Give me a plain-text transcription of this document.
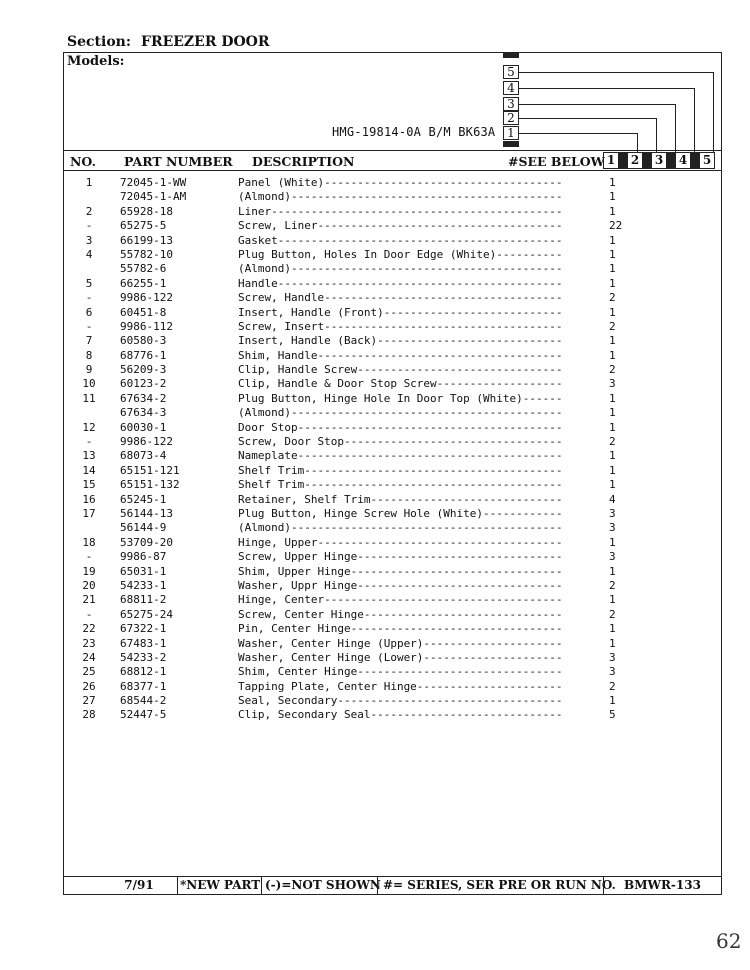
Section: FREEZER DOOR
Models:
HMG-19814-0A B/M BK63A
5
4
3
2
1
NO. PART NUMBER DESCRIPTION	#SEE BELOW 1	2	3	4	5
1	72045-1-WW	Panel (White)------------------------------------	1
72045-1-AM	(Almond)-----------------------------------------	1
2	65928-18	Liner--------------------------------------------	1
-	65275-5	Screw, Liner-------------------------------------	22
3	66199-13	Gasket-------------------------------------------	1
4	55782-10	Plug Button, Holes In Door Edge (White)----------	1
55782-6	(Almond)-----------------------------------------	1
5	66255-1	Handle-------------------------------------------	1
-	9986-122	Screw, Handle------------------------------------	2
6	60451-8	Insert, Handle (Front)---------------------------	1
-	9986-112	Screw, Insert------------------------------------	2
7	60580-3	Insert, Handle (Back)----------------------------	1
8	68776-1	Shim, Handle-------------------------------------	1
9	56209-3	Clip, Handle Screw-------------------------------	2
10	60123-2	Clip, Handle & Door Stop Screw-------------------	3
11	67634-2	Plug Button, Hinge Hole In Door Top (White)------	1
67634-3	(Almond)-----------------------------------------	1
12	60030-1	Door Stop----------------------------------------	1
-	9986-122	Screw, Door Stop---------------------------------	2
13	68073-4	Nameplate----------------------------------------	1
14	65151-121	Shelf Trim---------------------------------------	1
15	65151-132	Shelf Trim---------------------------------------	1
16	65245-1	Retainer, Shelf Trim-----------------------------	4
17	56144-13	Plug Button, Hinge Screw Hole (White)------------	3
56144-9	(Almond)-----------------------------------------	3
18	53709-20	Hinge, Upper-------------------------------------	1
-	9986-87	Screw, Upper Hinge-------------------------------	3
19	65031-1	Shim, Upper Hinge--------------------------------	1
20	54233-1	Washer, Uppr Hinge-------------------------------	2
21	68811-2	Hinge, Center------------------------------------	1
-	65275-24	Screw, Center Hinge------------------------------	2
22	67322-1	Pin, Center Hinge--------------------------------	1
23	67483-1	Washer, Center Hinge (Upper)---------------------	1
24	54233-2	Washer, Center Hinge (Lower)---------------------	3
25	68812-1	Shim, Center Hinge-------------------------------	3
26	68377-1	Tapping Plate, Center Hinge----------------------	2
27	68544-2	Seal, Secondary----------------------------------	1
28	52447-5	Clip, Secondary Seal-----------------------------	5
7/91	*NEW PART (-)=NOT SHOWN #= SERIES, SER PRE OR RUN NO. BMWR-133
62
